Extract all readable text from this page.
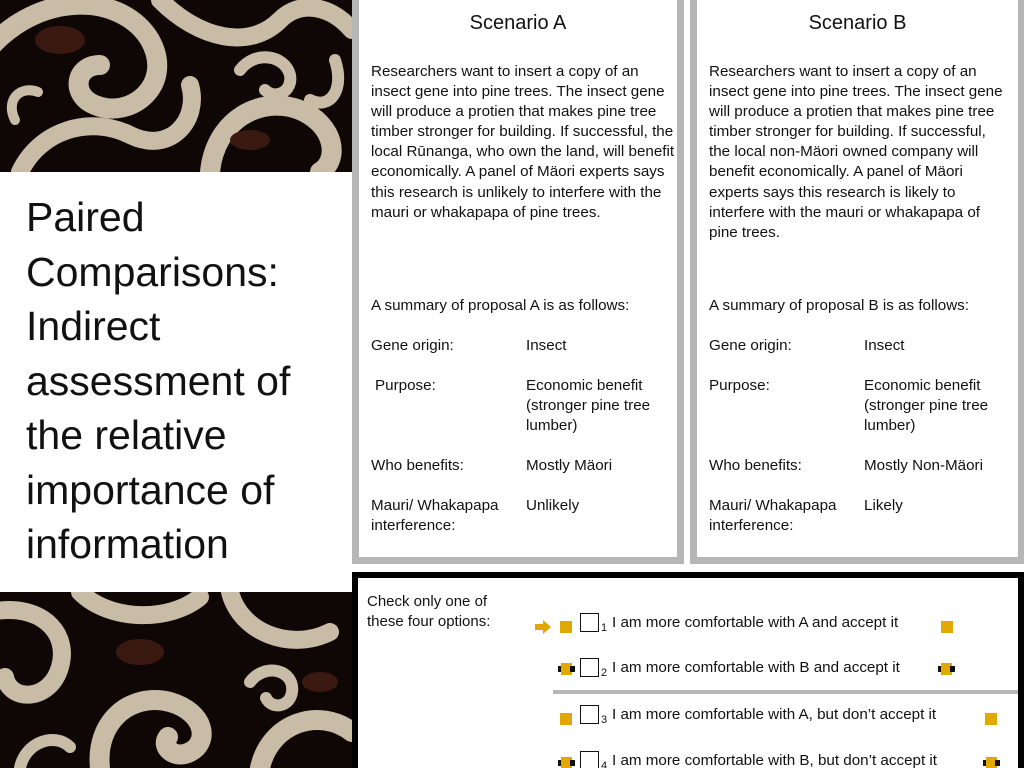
Paired Comparisons: Indirect assessment of the relative importance of information
Scenario A
Researchers want to insert a copy of an insect gene into pine trees. The insect gene will produce a protien that makes pine tree timber stronger for building. If successful, the local Rūnanga, who own the land, will benefit economically. A panel of Mäori experts says this research is unlikely to interfere with the mauri or whakapapa of pine trees.
A summary of proposal A is as follows:
Gene origin:	Insect
Purpose:	Economic benefit (stronger pine tree lumber)
Who benefits:	Mostly Mäori
Mauri/ Whakapapa interference:
Unlikely
Scenario B
Researchers want to insert a copy of an insect gene into pine trees. The insect gene will produce a protien that makes pine tree timber stronger for building. If successful, the local non-Mäori owned company will benefit economically. A panel of Mäori experts says this research is likely to interfere with the mauri or whakapapa of pine trees.
A summary of proposal B is as follows:
Gene origin:	Insect
Purpose:	Economic benefit (stronger pine tree lumber)
Who benefits:	Mostly Non-Mäori
Mauri/ Whakapapa interference:
Likely
Check only one of these four options:	1 I am more comfortable with A and accept it
2 I am more comfortable with B and accept it
3 I am more comfortable with A, but don’t accept it
4 I am more comfortable with B, but don’t accept it
